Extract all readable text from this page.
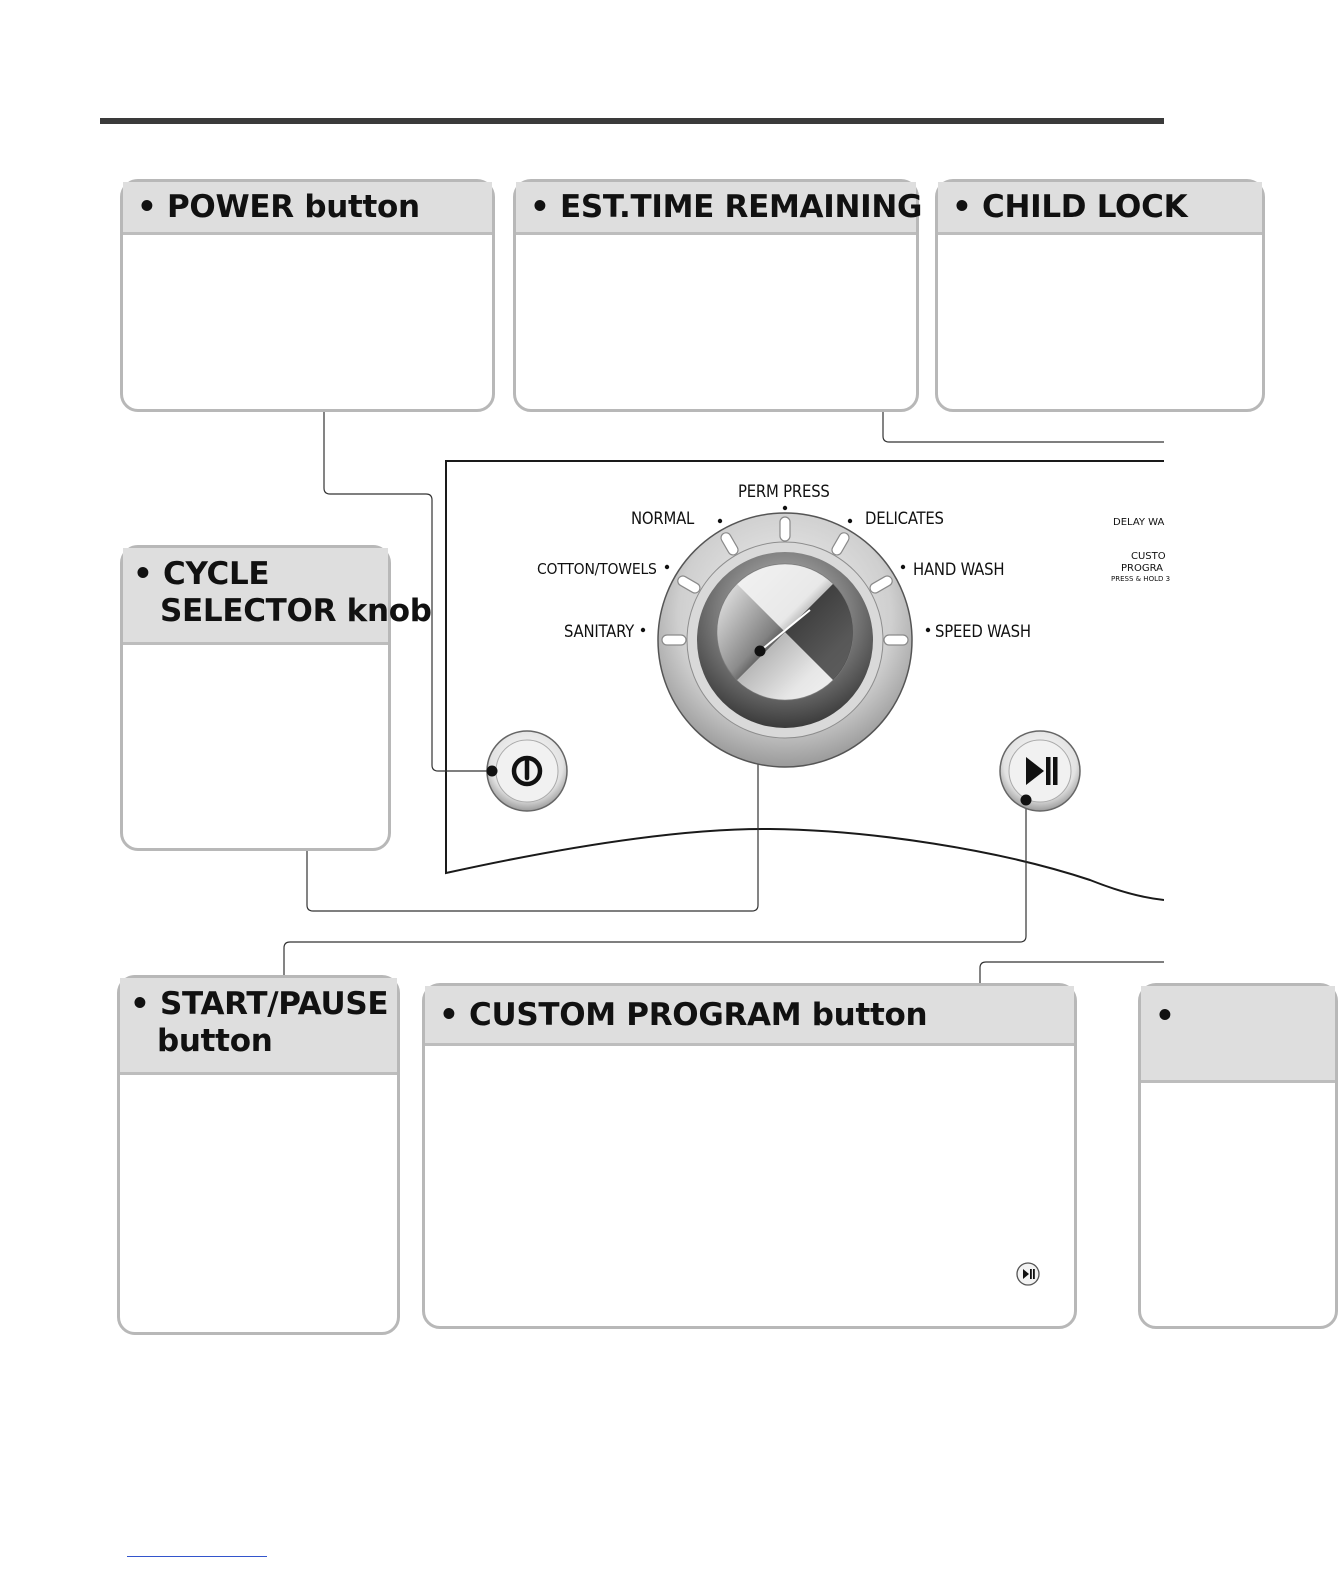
• POWER button	• EST.TIME REMAINING • CHILD LOCK
•
• CYCLE
SELECTOR knob
• START/PAUSE
button
• CUSTOM PROGRAM button
PERM PRESS
NORMAL	DELICATES
COTTON/TOWELS	HAND WASH
SANITARY	SPEED WASH
DELAY WA
CUSTO
PROGRA
PRESS & HOLD 3
